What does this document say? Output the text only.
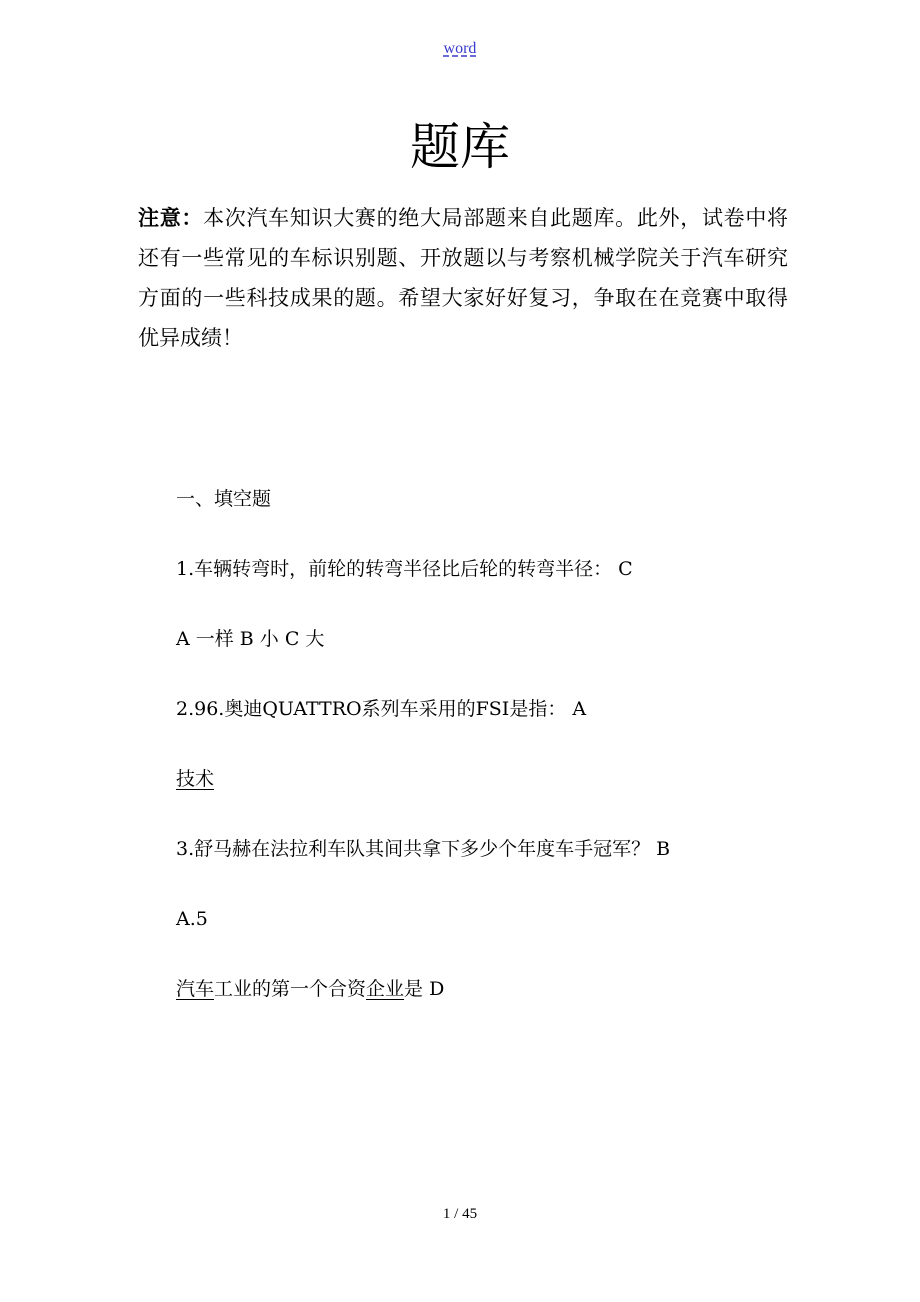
word
题库
注意：本次汽车知识大赛的绝大局部题来自此题库。此外，试卷中将还有一些常见的车标识别题、开放题以与考察机械学院关于汽车研究方面的一些科技成果的题。希望大家好好复习，争取在在竞赛中取得优异成绩！
一、填空题
1.车辆转弯时，前轮的转弯半径比后轮的转弯半径： C
A 一样 B 小 C 大
2.96.奥迪QUATTRO系列车采用的FSI是指： A
技术
3.舒马赫在法拉利车队其间共拿下多少个年度车手冠军？ B
A.5
汽车工业的第一个合资企业是 D
1 / 45
